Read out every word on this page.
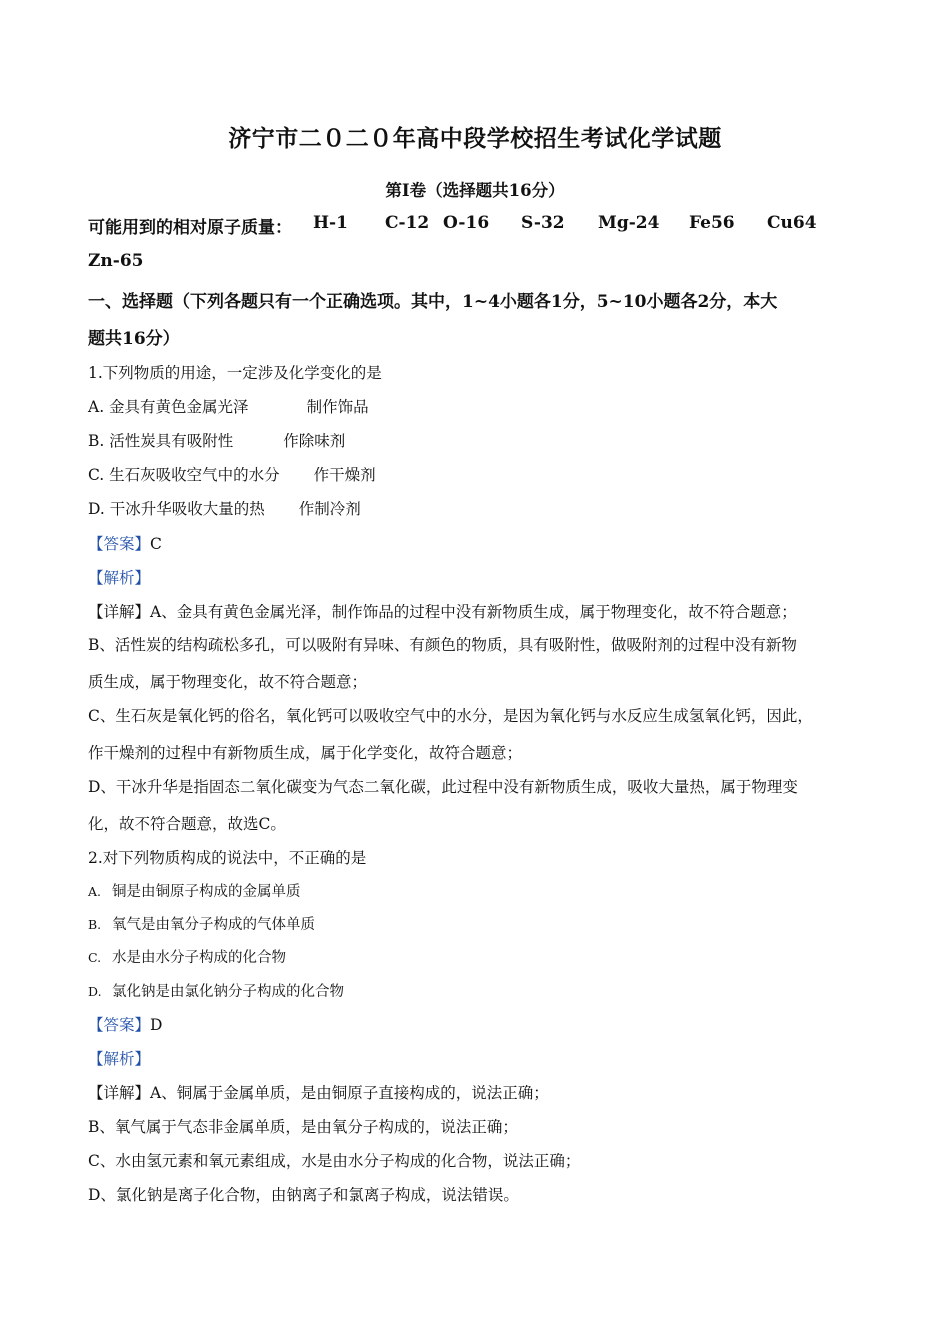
济宁市二０二０年高中段学校招生考试化学试题
第I卷（选择题共16分）
可能用到的相对原子质量： H-1 C-12 O-16 S-32 Mg-24 Fe56 Cu64
Zn-65
一、选择题（下列各题只有一个正确选项。其中，1~4小题各1分，5~10小题各2分，本大
题共16分）
1.下列物质的用途，一定涉及化学变化的是
A. 金具有黄色金属光泽	制作饰品
B. 活性炭具有吸附性	作除味剂
C. 生石灰吸收空气中的水分 作干燥剂
D. 干冰升华吸收大量的热 作制冷剂
【答案】C
【解析】
【详解】A、金具有黄色金属光泽，制作饰品的过程中没有新物质生成，属于物理变化，故不符合题意；
B、活性炭的结构疏松多孔，可以吸附有异味、有颜色的物质，具有吸附性，做吸附剂的过程中没有新物
质生成，属于物理变化，故不符合题意；
C、生石灰是氧化钙的俗名，氧化钙可以吸收空气中的水分，是因为氧化钙与水反应生成氢氧化钙，因此，
作干燥剂的过程中有新物质生成，属于化学变化，故符合题意；
D、干冰升华是指固态二氧化碳变为气态二氧化碳，此过程中没有新物质生成，吸收大量热，属于物理变
化，故不符合题意，故选C。
2.对下列物质构成的说法中，不正确的是
A. 铜是由铜原子构成的金属单质
B. 氧气是由氧分子构成的气体单质
C. 水是由水分子构成的化合物
D. 氯化钠是由氯化钠分子构成的化合物
【答案】D
【解析】
【详解】A、铜属于金属单质，是由铜原子直接构成的，说法正确；
B、氧气属于气态非金属单质，是由氧分子构成的，说法正确；
C、水由氢元素和氧元素组成，水是由水分子构成的化合物，说法正确；
D、氯化钠是离子化合物，由钠离子和氯离子构成，说法错误。
